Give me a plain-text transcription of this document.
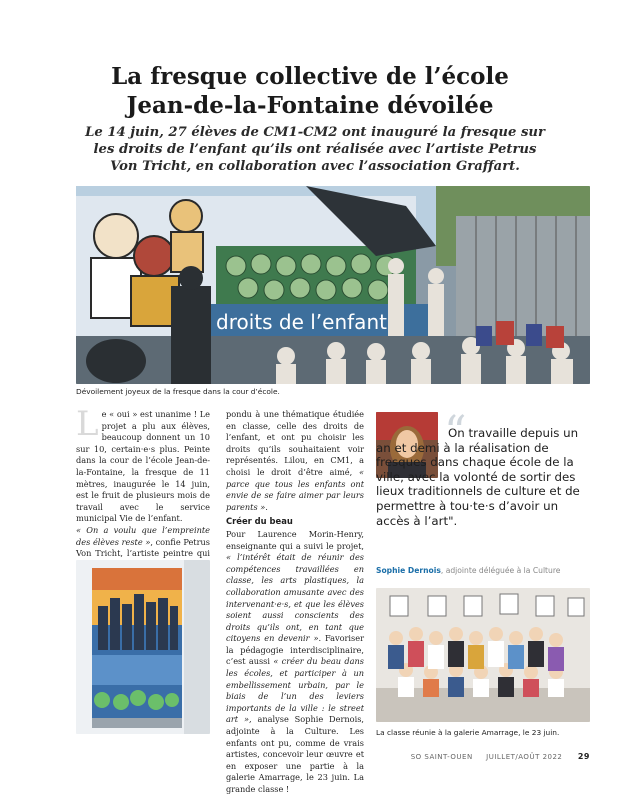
La fresque collective de l’école
Jean-de-la-Fontaine dévoilée
Le 14 juin, 27 élèves de CM1-CM2 ont inauguré la fresque sur les droits de l’enfant qu’ils ont réalisée avec l’artiste Petrus Von Tricht, en collaboration avec l’association Graffart.
droits de l’enfant
Dévoilement joyeux de la fresque dans la cour d’école.

L e « oui » est unanime ! Le projet a plu aux élèves, beaucoup donnent un 10 sur 10, certain·e·s plus. Peinte dans la cour de l’école Jean-de-la-Fontaine, la fresque de 11 mètres, inaugurée le 14 juin, est le fruit de plusieurs mois de travail avec le service municipal Vie de l’enfant.

« On a voulu que l’empreinte des élèves reste », confie Petrus Von Tricht, l’artiste peintre qui

pondu à une thématique étudiée en classe, celle des droits de l’enfant, et ont pu choisir les droits qu’ils souhaitaient voir représentés. Lilou, en CM1, a choisi le droit d’être aimé, « parce que tous les enfants ont envie de se faire aimer par leurs parents ».

Créer du beau

Pour Laurence Morin-Henry, enseignante qui a suivi le projet, « l’intérêt était de réunir des compétences travaillées en classe, les arts plastiques, la collaboration amusante avec des intervenant·e·s, et que les élèves soient aussi conscients des droits qu’ils ont, en tant que citoyens en devenir ». Favoriser la pédagogie interdisciplinaire, c’est aussi « créer du beau dans les écoles, et participer à un embellissement urbain, par le biais de l’un des leviers importants de la ville : le street art », analyse Sophie Dernois, adjointe à la Culture. Les enfants ont pu, comme de vrais artistes, concevoir leur œuvre et en exposer une partie à la galerie Amarrage, le 23 juin. La grande classe !

“
On travaille depuis un an et demi à la réalisation de fresques dans chaque école de la ville, avec la volonté de sortir des lieux traditionnels de culture et de permettre à tou·te·s d’avoir un accès à l’art".
Sophie Dernois, adjointe déléguée à la Culture
La classe réunie à la galerie Amarrage, le 23 juin.
SO SAINT-OUEN JUILLET/AOÛT 2022 29
